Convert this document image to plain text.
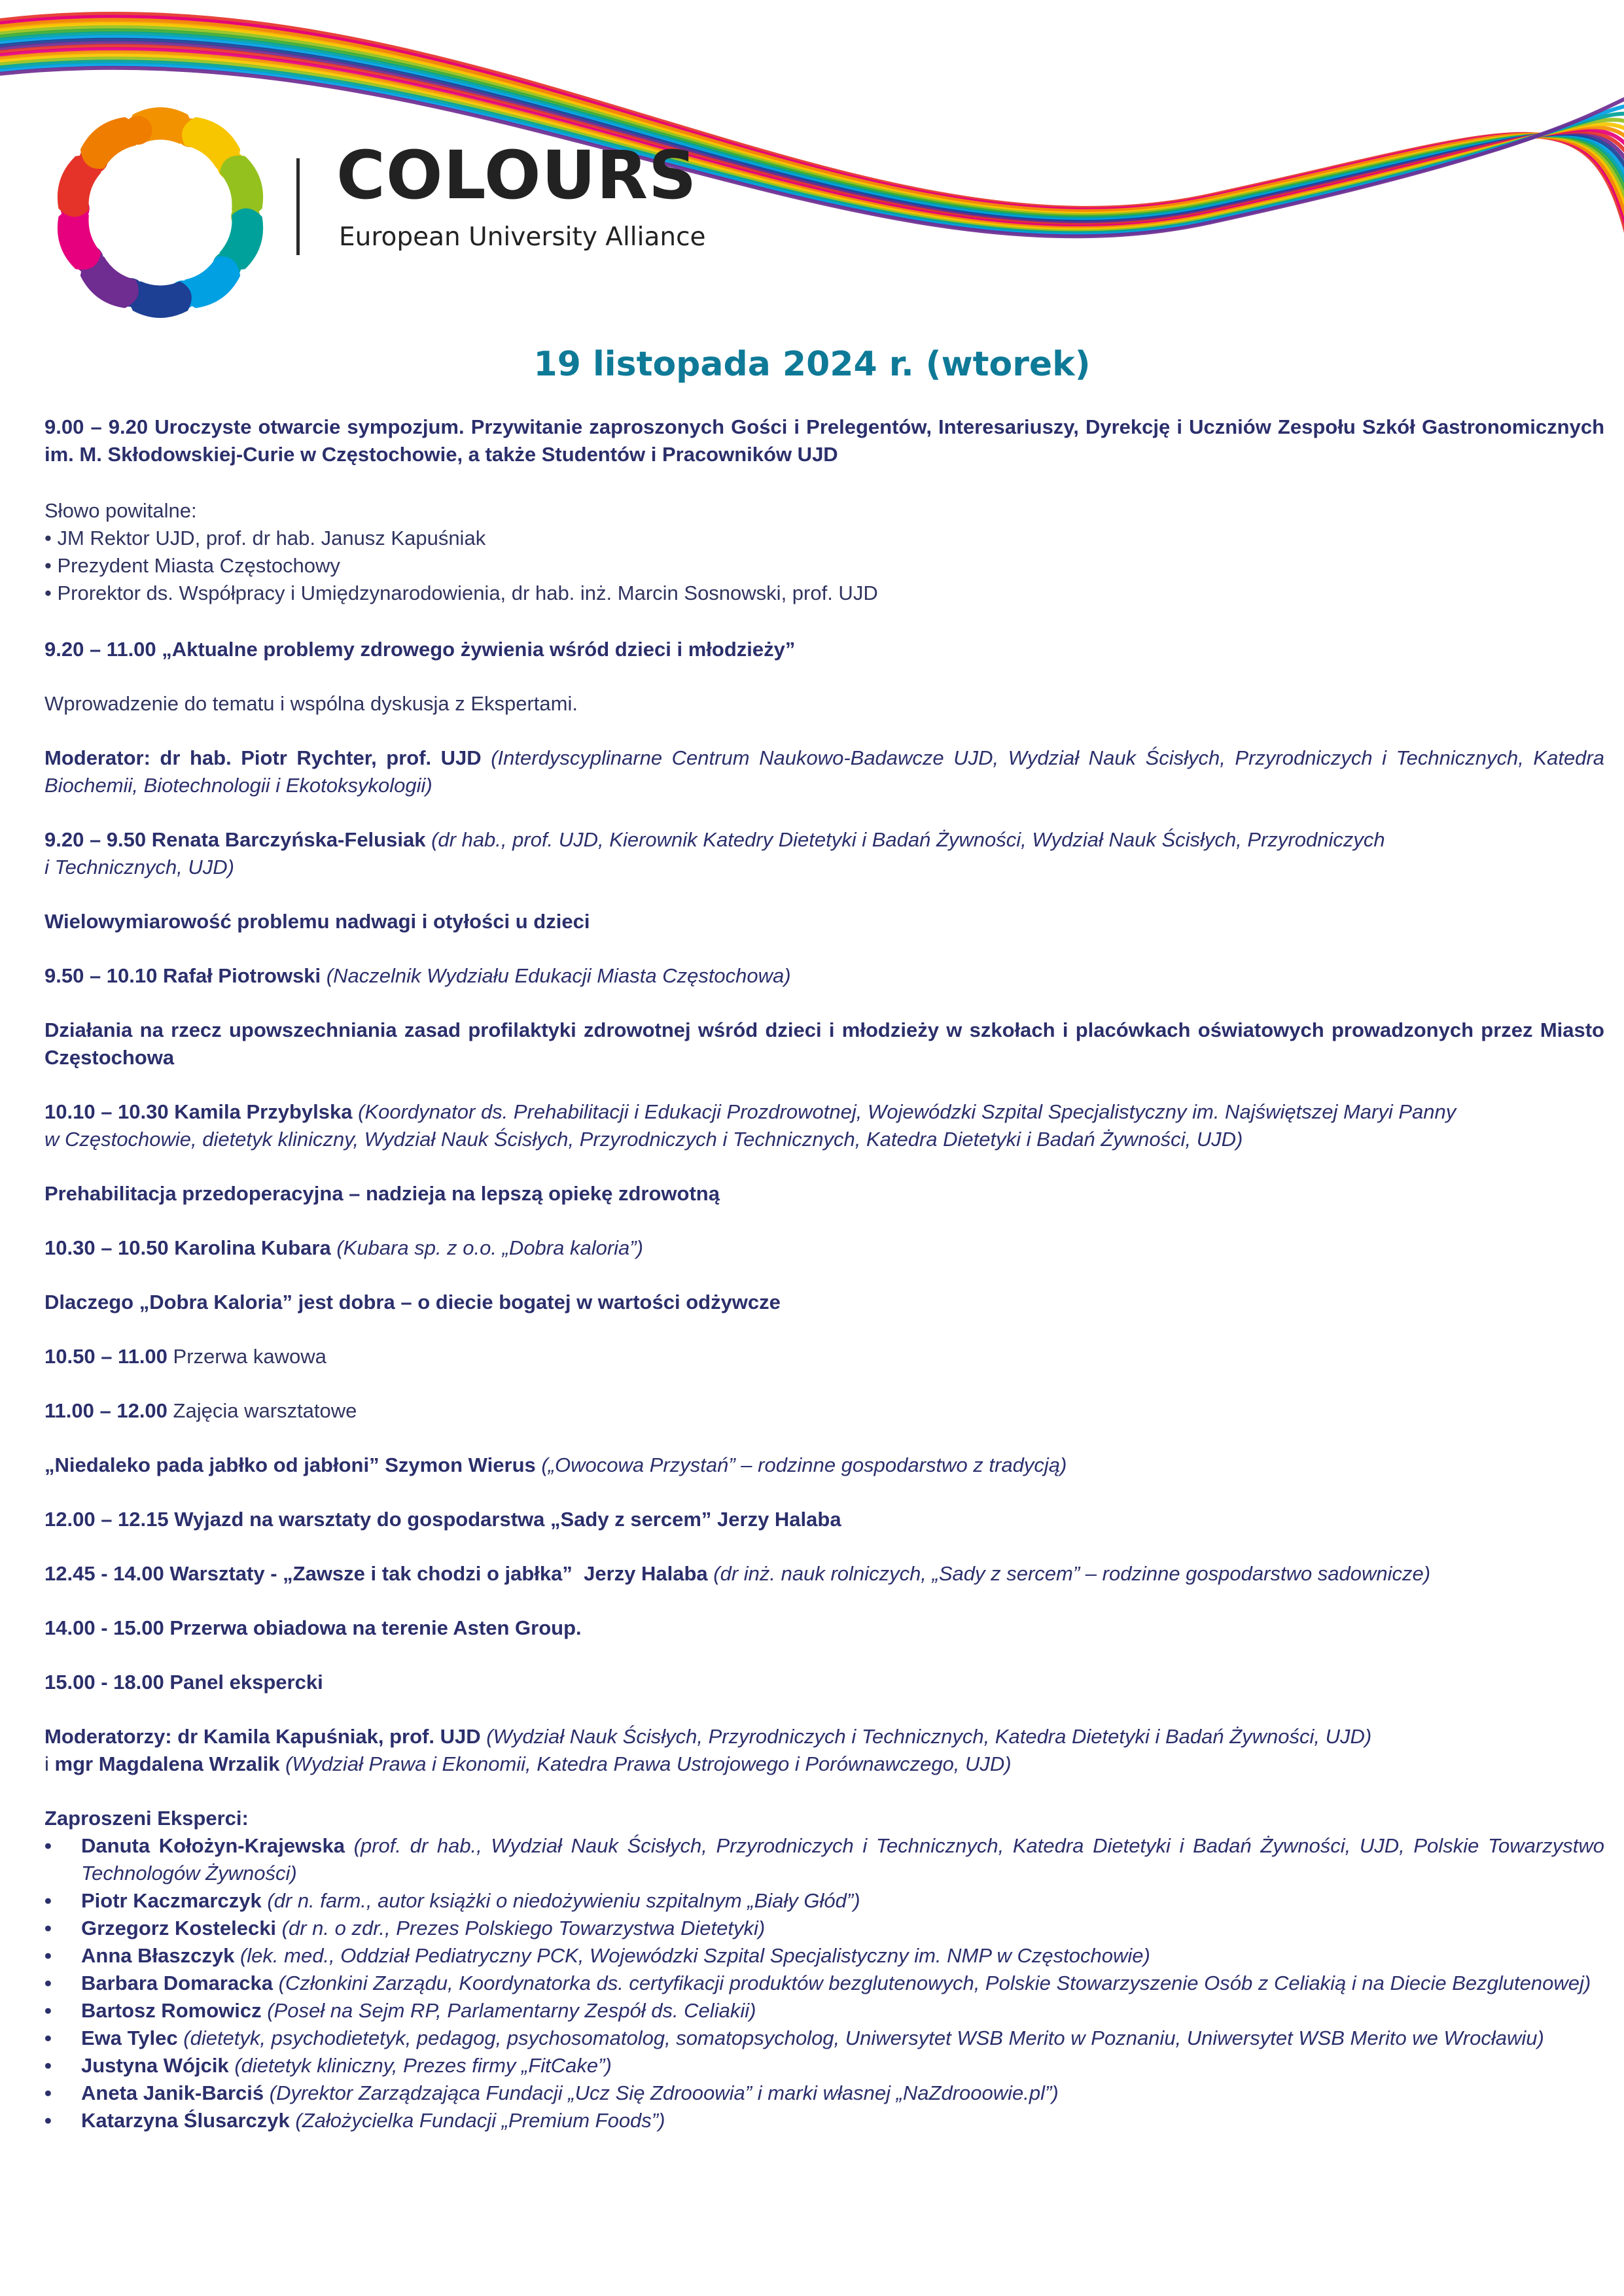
COLOURS
European University Alliance
19 listopada 2024 r. (wtorek)

9.00 – 9.20 Uroczyste otwarcie sympozjum. Przywitanie zaproszonych Gości i Prelegentów, Interesariuszy, Dyrekcję i Uczniów Zespołu Szkół Gastronomicznych im. M. Skłodowskiej-Curie w Częstochowie, a także Studentów i Pracowników UJD

Słowo powitalne:

• JM Rektor UJD, prof. dr hab. Janusz Kapuśniak

• Prezydent Miasta Częstochowy

• Prorektor ds. Współpracy i Umiędzynarodowienia, dr hab. inż. Marcin Sosnowski, prof. UJD

9.20 – 11.00 „Aktualne problemy zdrowego żywienia wśród dzieci i młodzieży”

Wprowadzenie do tematu i wspólna dyskusja z Ekspertami.

Moderator: dr hab. Piotr Rychter, prof. UJD (Interdyscyplinarne Centrum Naukowo-Badawcze UJD, Wydział Nauk Ścisłych, Przyrodniczych i Technicznych, Katedra Biochemii, Biotechnologii i Ekotoksykologii)

9.20 – 9.50 Renata Barczyńska-Felusiak (dr hab., prof. UJD, Kierownik Katedry Dietetyki i Badań Żywności, Wydział Nauk Ścisłych, Przyrodniczych

i Technicznych, UJD)

Wielowymiarowość problemu nadwagi i otyłości u dzieci

9.50 – 10.10 Rafał Piotrowski (Naczelnik Wydziału Edukacji Miasta Częstochowa)

Działania na rzecz upowszechniania zasad profilaktyki zdrowotnej wśród dzieci i młodzieży w szkołach i placówkach oświatowych prowadzonych przez Miasto Częstochowa

10.10 – 10.30 Kamila Przybylska (Koordynator ds. Prehabilitacji i Edukacji Prozdrowotnej, Wojewódzki Szpital Specjalistyczny im. Najświętszej Maryi Panny

w Częstochowie, dietetyk kliniczny, Wydział Nauk Ścisłych, Przyrodniczych i Technicznych, Katedra Dietetyki i Badań Żywności, UJD)

Prehabilitacja przedoperacyjna – nadzieja na lepszą opiekę zdrowotną

10.30 – 10.50 Karolina Kubara (Kubara sp. z o.o. „Dobra kaloria”)

Dlaczego „Dobra Kaloria” jest dobra – o diecie bogatej w wartości odżywcze

10.50 – 11.00 Przerwa kawowa

11.00 – 12.00 Zajęcia warsztatowe

„Niedaleko pada jabłko od jabłoni” Szymon Wierus („Owocowa Przystań” – rodzinne gospodarstwo z tradycją)

12.00 – 12.15 Wyjazd na warsztaty do gospodarstwa „Sady z sercem” Jerzy Halaba

12.45 - 14.00 Warsztaty - „Zawsze i tak chodzi o jabłka”  Jerzy Halaba (dr inż. nauk rolniczych, „Sady z sercem” – rodzinne gospodarstwo sadownicze)

14.00 - 15.00 Przerwa obiadowa na terenie Asten Group.

15.00 - 18.00 Panel ekspercki

Moderatorzy: dr Kamila Kapuśniak, prof. UJD (Wydział Nauk Ścisłych, Przyrodniczych i Technicznych, Katedra Dietetyki i Badań Żywności, UJD)

i mgr Magdalena Wrzalik (Wydział Prawa i Ekonomii, Katedra Prawa Ustrojowego i Porównawczego, UJD)

Zaproszeni Eksperci:

• Danuta Kołożyn-Krajewska (prof. dr hab., Wydział Nauk Ścisłych, Przyrodniczych i Technicznych, Katedra Dietetyki i Badań Żywności, UJD, Polskie Towarzystwo Technologów Żywności)
• Piotr Kaczmarczyk (dr n. farm., autor książki o niedożywieniu szpitalnym „Biały Głód”)
• Grzegorz Kostelecki (dr n. o zdr., Prezes Polskiego Towarzystwa Dietetyki)
• Anna Błaszczyk (lek. med., Oddział Pediatryczny PCK, Wojewódzki Szpital Specjalistyczny im. NMP w Częstochowie)
• Barbara Domaracka (Członkini Zarządu, Koordynatorka ds. certyfikacji produktów bezglutenowych, Polskie Stowarzyszenie Osób z Celiakią i na Diecie Bezglutenowej)
• Bartosz Romowicz (Poseł na Sejm RP, Parlamentarny Zespół ds. Celiakii)
• Ewa Tylec (dietetyk, psychodietetyk, pedagog, psychosomatolog, somatopsycholog, Uniwersytet WSB Merito w Poznaniu, Uniwersytet WSB Merito we Wrocławiu)
• Justyna Wójcik (dietetyk kliniczny, Prezes firmy „FitCake”)
• Aneta Janik-Barciś (Dyrektor Zarządzająca Fundacji „Ucz Się Zdrooowia” i marki własnej „NaZdrooowie.pl”)
• Katarzyna Ślusarczyk (Założycielka Fundacji „Premium Foods”)
